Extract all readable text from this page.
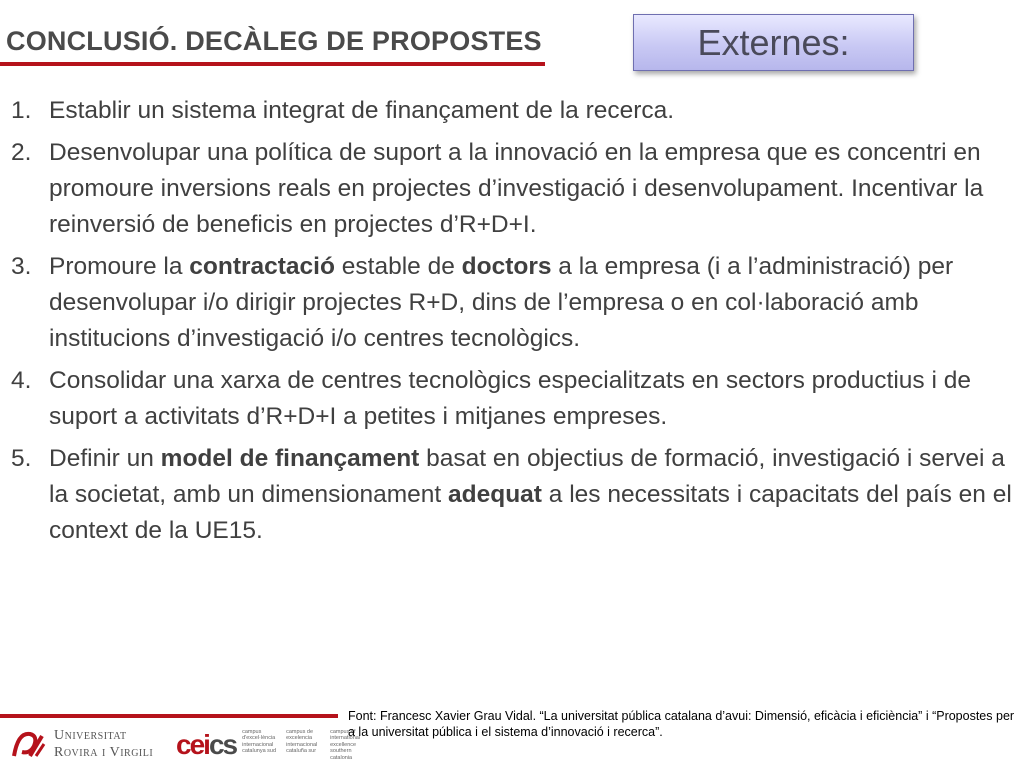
CONCLUSIÓ. DECÀLEG DE PROPOSTES	Externes:
1. Establir un sistema integrat de finançament de la recerca.
2. Desenvolupar una política de suport a la innovació en la empresa que es concentri en promoure inversions reals en projectes d’investigació i desenvolupament. Incentivar la reinversió de beneficis en projectes d’R+D+I.
3. Promoure la contractació estable de doctors a la empresa (i a l’administració) per desenvolupar i/o dirigir projectes R+D, dins de l’empresa o en col·laboració amb institucions d’investigació i/o centres tecnològics.
4. Consolidar una xarxa de centres tecnològics especialitzats en sectors productius i de suport a activitats d’R+D+I a petites i mitjanes empreses.
5. Definir un model de finançament basat en objectius de formació, investigació i servei a la societat, amb un dimensionament adequat a les necessitats i capacitats del país en el context de la UE15.
Universitat
Rovira i Virgili ceics campus d'excel·lència internacional catalunya sud
campus de excelencia internacional cataluña sur
campus of international excellence southern catalonia
Font: Francesc Xavier Grau Vidal. “La universitat pública catalana d’avui: Dimensió, eficàcia i eficiència” i “Propostes per a la universitat pública i el sistema d’innovació i recerca”.
